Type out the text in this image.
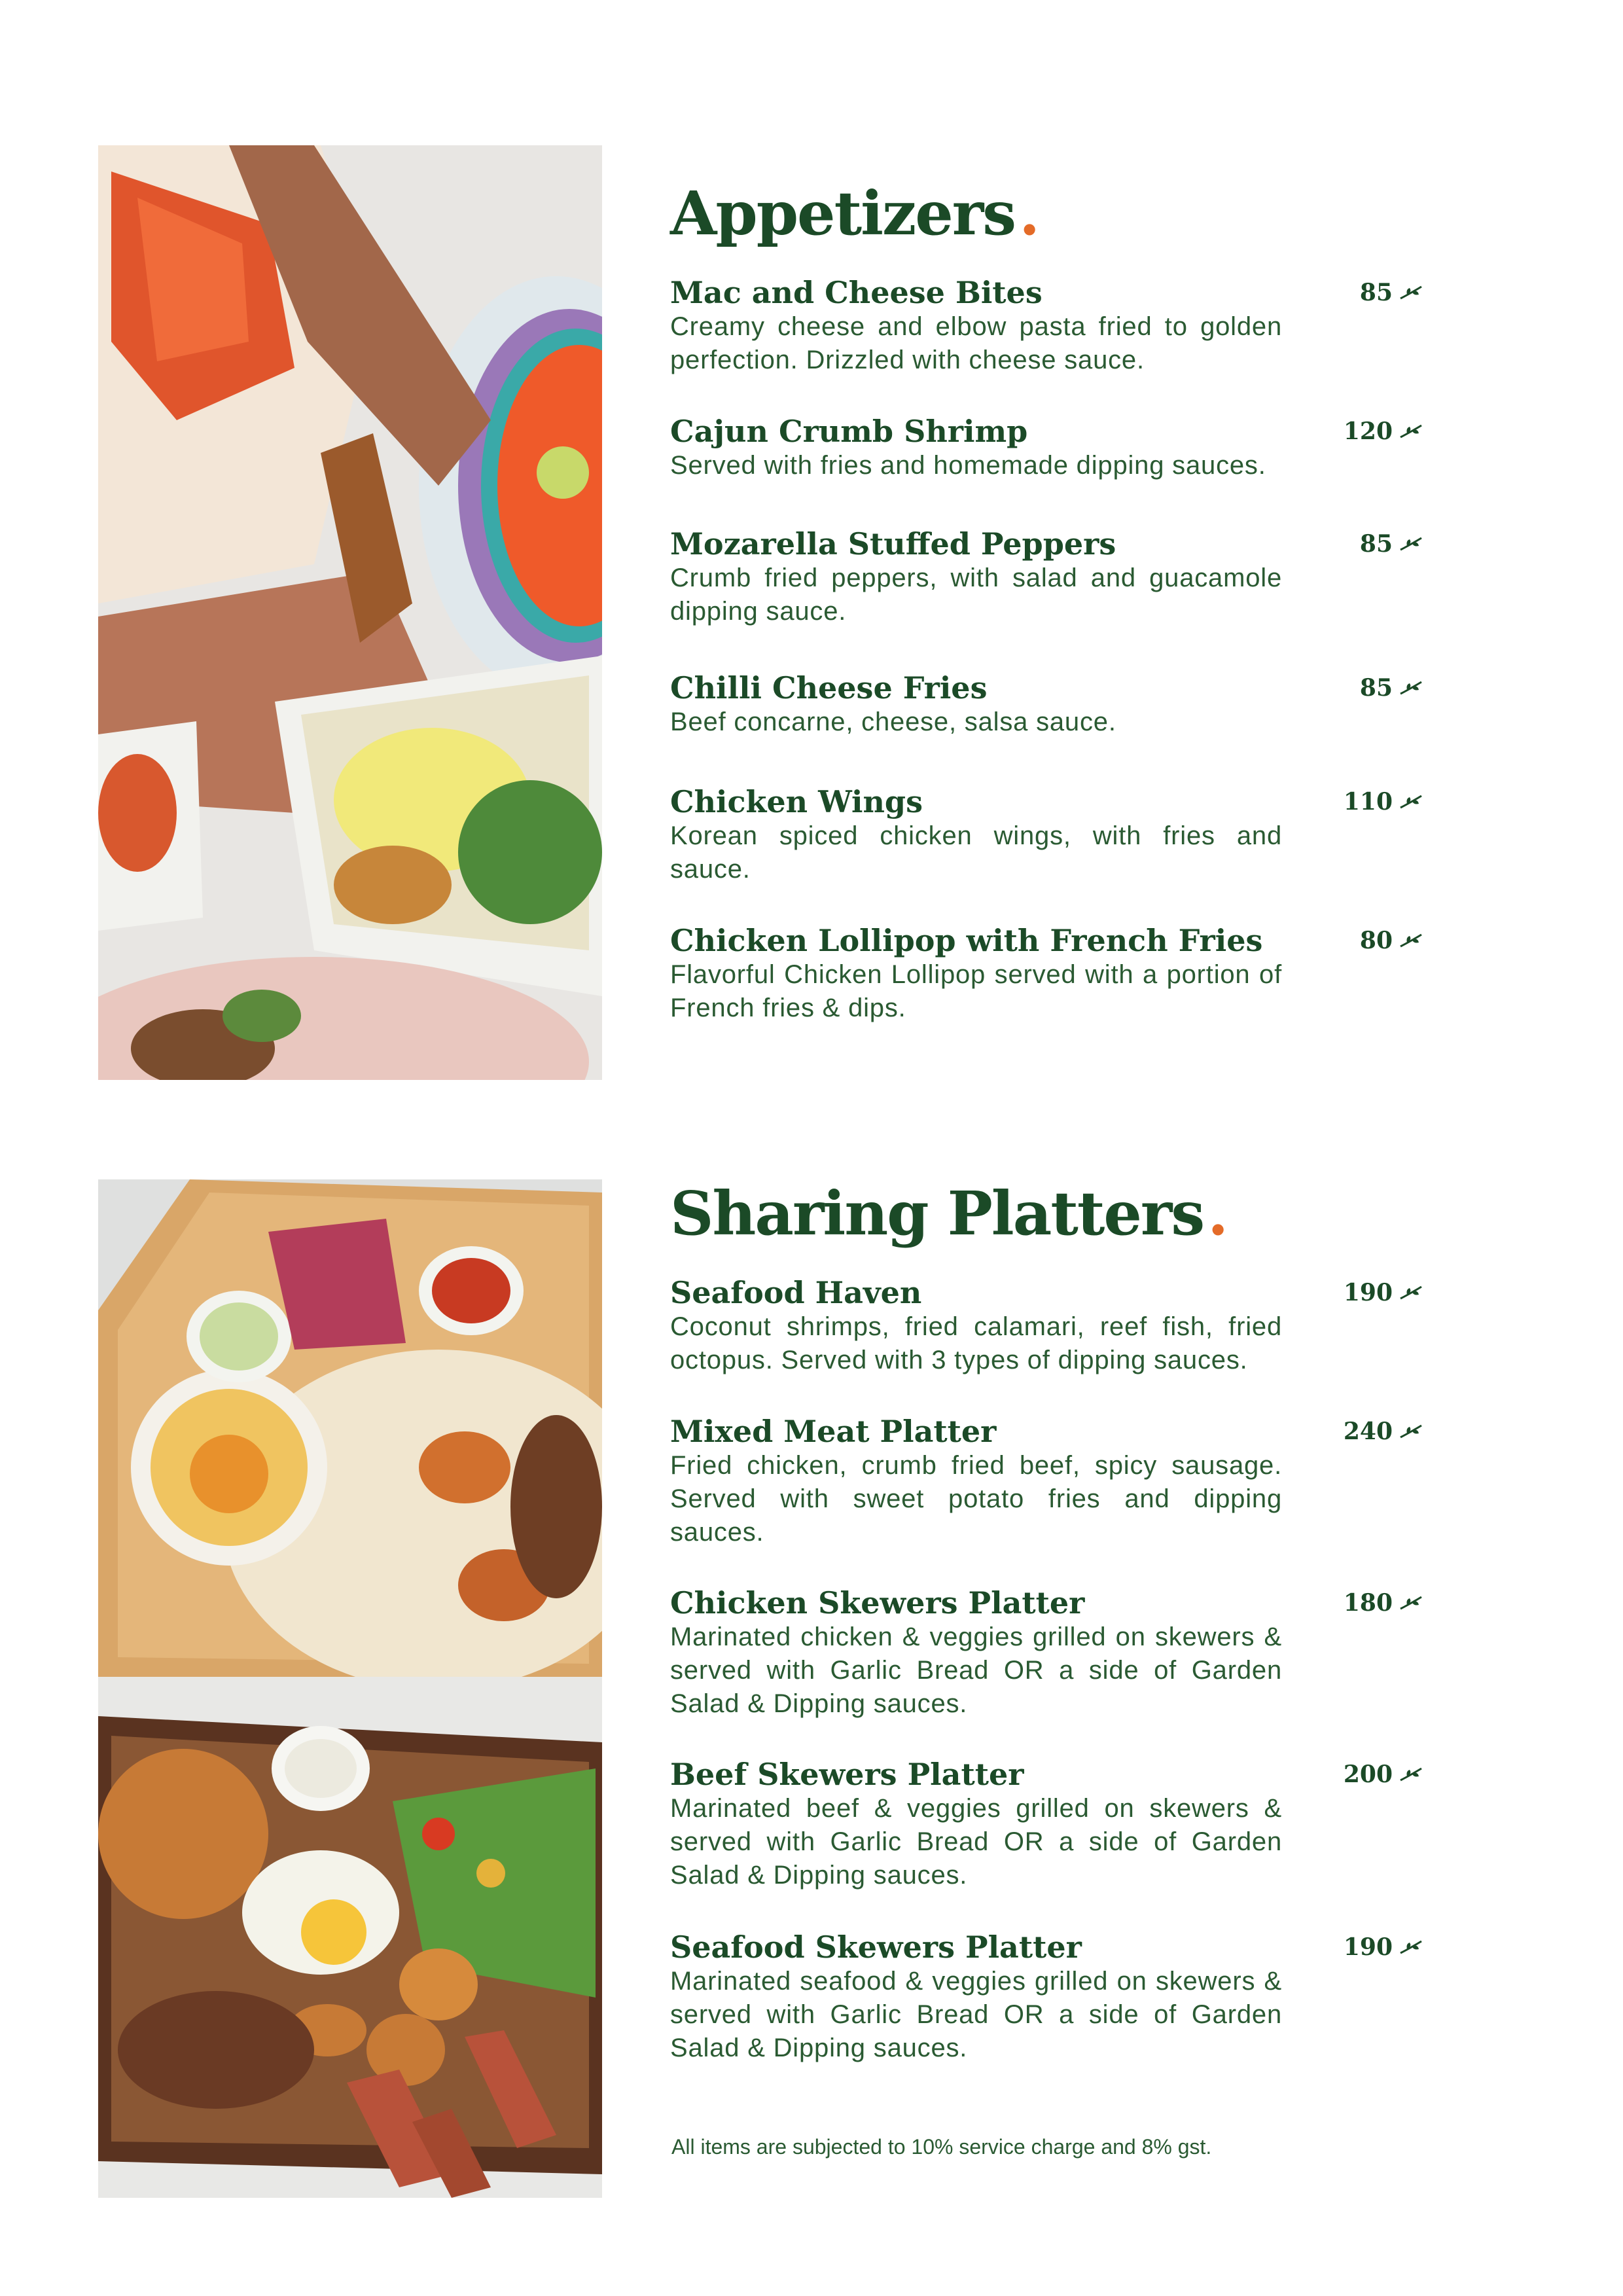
Appetizers .
Mac and Cheese Bites
Creamy cheese and elbow pasta fried to golden perfection. Drizzled with cheese sauce.
85
Cajun Crumb Shrimp
Served with fries and homemade dipping sauces.
120
Mozarella Stuffed Peppers
Crumb fried peppers, with salad and guacamole dipping sauce.
85
Chilli Cheese Fries
Beef concarne, cheese, salsa sauce.
85
Chicken Wings
Korean spiced chicken wings, with fries and sauce.
110
Chicken Lollipop with French Fries
Flavorful Chicken Lollipop served with a portion of French fries & dips.
80
Sharing Platters .
Seafood Haven
Coconut shrimps, fried calamari, reef fish, fried octopus. Served with 3 types of dipping sauces.
190
Mixed Meat Platter
Fried chicken, crumb fried beef, spicy sausage. Served with sweet potato fries and dipping sauces.
240
Chicken Skewers Platter
Marinated chicken & veggies grilled on skewers & served with Garlic Bread OR a side of Garden Salad & Dipping sauces.
180
Beef Skewers Platter
Marinated beef & veggies grilled on skewers & served with Garlic Bread OR a side of Garden Salad & Dipping sauces.
200
Seafood Skewers Platter
Marinated seafood & veggies grilled on skewers & served with Garlic Bread OR a side of Garden Salad & Dipping sauces.
190
All items are subjected to 10% service charge and 8% gst.
